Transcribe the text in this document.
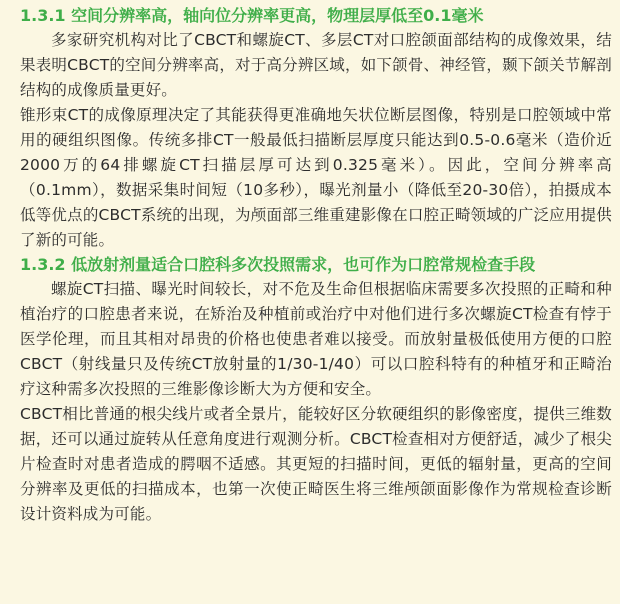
1.3.1 空间分辨率高，轴向位分辨率更高，物理层厚低至0.1毫米

多家研究机构对比了CBCT和螺旋CT、多层CT对口腔颌面部结构的成像效果，结果表明CBCT的空间分辨率高，对于高分辨区域，如下颌骨、神经管，颞下颌关节解剖结构的成像质量更好。

锥形束CT的成像原理决定了其能获得更准确地矢状位断层图像，特别是口腔领域中常用的硬组织图像。传统多排CT一般最低扫描断层厚度只能达到0.5-0.6毫米（造价近2000万的64排螺旋CT扫描层厚可达到0.325毫米）。因此，空间分辨率高（0.1mm），数据采集时间短（10多秒），曝光剂量小（降低至20-30倍），拍摄成本低等优点的CBCT系统的出现，为颅面部三维重建影像在口腔正畸领域的广泛应用提供了新的可能。

1.3.2 低放射剂量适合口腔科多次投照需求，也可作为口腔常规检查手段

螺旋CT扫描、曝光时间较长，对不危及生命但根据临床需要多次投照的正畸和种植治疗的口腔患者来说，在矫治及种植前或治疗中对他们进行多次螺旋CT检查有悖于医学伦理，而且其相对昂贵的价格也使患者难以接受。而放射量极低使用方便的口腔CBCT（射线量只及传统CT放射量的1/30-1/40）可以口腔科特有的种植牙和正畸治疗这种需多次投照的三维影像诊断大为方便和安全。

CBCT相比普通的根尖线片或者全景片，能较好区分软硬组织的影像密度，提供三维数据，还可以通过旋转从任意角度进行观测分析。CBCT检查相对方便舒适，减少了根尖片检查时对患者造成的腭咽不适感。其更短的扫描时间，更低的辐射量，更高的空间分辨率及更低的扫描成本，也第一次使正畸医生将三维颅颌面影像作为常规检查诊断设计资料成为可能。
